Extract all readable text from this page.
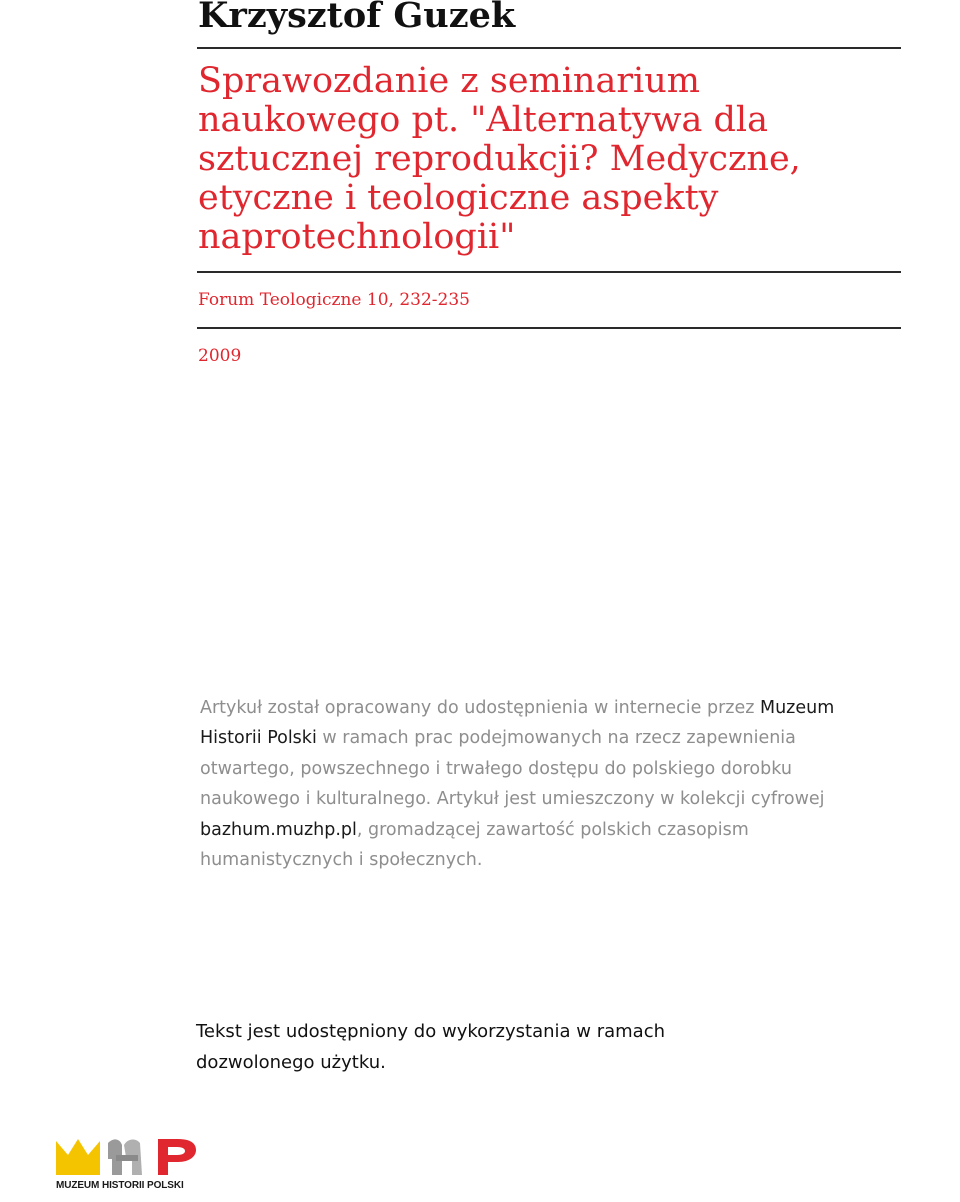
Krzysztof Guzek
Sprawozdanie z seminarium naukowego pt. "Alternatywa dla sztucznej reprodukcji? Medyczne, etyczne i teologiczne aspekty naprotechnologii"

Forum Teologiczne 10, 232-235

2009

Artykuł został opracowany do udostępnienia w internecie przez Muzeum Historii Polski w ramach prac podejmowanych na rzecz zapewnienia otwartego, powszechnego i trwałego dostępu do polskiego dorobku naukowego i kulturalnego. Artykuł jest umieszczony w kolekcji cyfrowej bazhum.muzhp.pl, gromadzącej zawartość polskich czasopism humanistycznych i społecznych.

Tekst jest udostępniony do wykorzystania w ramach dozwolonego użytku.

MUZEUM HISTORII POLSKI
